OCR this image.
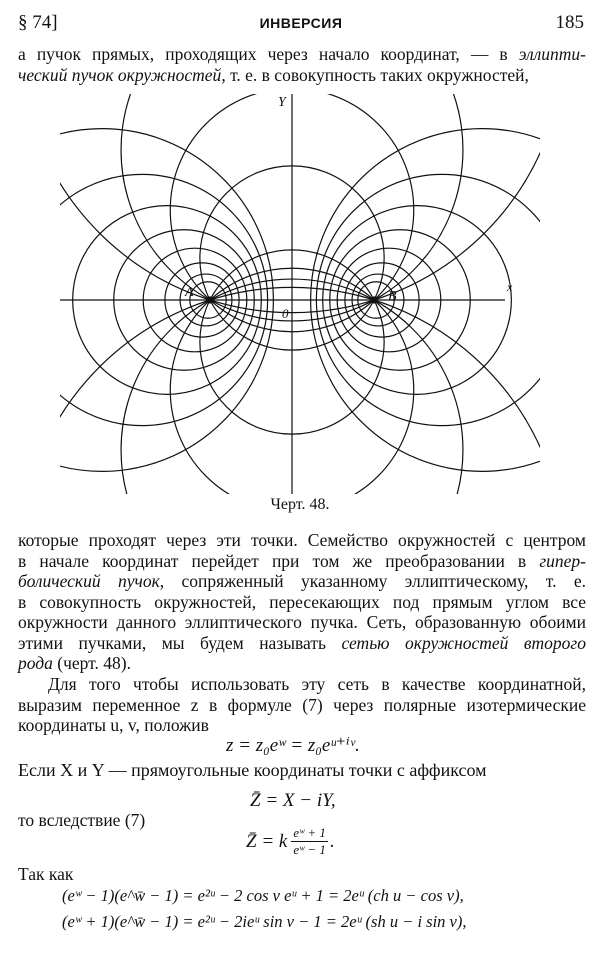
§ 74]	ИНВЕРСИЯ	185
а пучок прямых, проходящих через начало координат, — в эллипти-
ческий пучок окружностей, т. е. в совокупность таких окружностей,
Y
x
A	B
0
Черт. 48.
которые проходят через эти точки. Семейство окружностей с центром
в начале координат перейдет при том же преобразовании в гипер-
болический пучок, сопряженный указанному эллиптическому, т. е.
в совокупность окружностей, пересекающих под прямым углом все
окружности данного эллиптического пучка. Сеть, образованную обоими
этими пучками, мы будем называть сетью окружностей второго
рода (черт. 48).
Для того чтобы использовать эту сеть в качестве координатной,
выразим переменное z в формуле (7) через полярные изотермические
координаты u, v, положив
z = z₀eʷ = z₀eᵘ⁺ⁱᵛ.
Если X и Y — прямоугольные координаты точки с аффиксом
Z̄ = X − iY,
то вследствие (7)
Z̄ = k $\frac{\text{eʷ + 1}}{\text{eʷ − 1}}$ .
Так как
(eʷ − 1)(e^w̄ − 1) = e²ᵘ − 2 cos v eᵘ + 1 = 2eᵘ (ch u − cos v),
(eʷ + 1)(e^w̄ − 1) = e²ᵘ − 2ieᵘ sin v − 1 = 2eᵘ (sh u − i sin v),
